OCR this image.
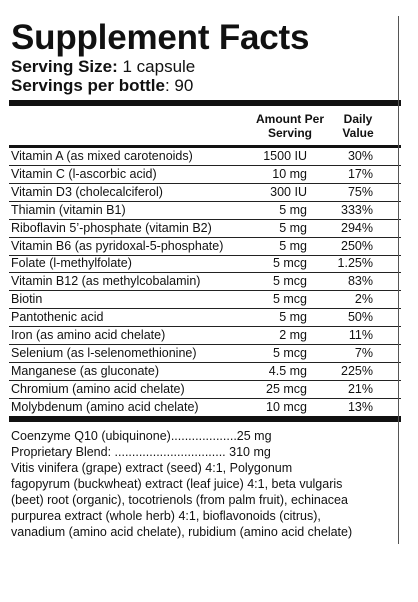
Supplement Facts
Serving Size: 1 capsule
Servings per bottle: 90
Amount Per
Serving
Daily
Value
Vitamin A (as mixed carotenoids)	1500 IU	30%
Vitamin C (l-ascorbic acid)	10 mg	17%
Vitamin D3 (cholecalciferol)	300 IU	75%
Thiamin (vitamin B1)	5 mg	333%
Riboflavin 5’-phosphate (vitamin B2)	5 mg	294%
Vitamin B6 (as pyridoxal-5-phosphate)	5 mg	250%
Folate (l-methylfolate)	5 mcg	1.25%
Vitamin B12 (as methylcobalamin)	5 mcg	83%
Biotin	5 mcg	2%
Pantothenic acid	5 mg	50%
Iron (as amino acid chelate)	2 mg	11%
Selenium (as l-selenomethionine)	5 mcg	7%
Manganese (as gluconate)	4.5 mg	225%
Chromium (amino acid chelate)	25 mcg	21%
Molybdenum (amino acid chelate)	10 mcg	13%
Coenzyme Q10 (ubiquinone)...................25 mg
Proprietary Blend: ................................ 310 mg
Vitis vinifera (grape) extract (seed) 4:1, Polygonum
fagopyrum (buckwheat) extract (leaf juice) 4:1, beta vulgaris
(beet) root (organic), tocotrienols (from palm fruit), echinacea
purpurea extract (whole herb) 4:1, bioflavonoids (citrus),
vanadium (amino acid chelate), rubidium (amino acid chelate)
